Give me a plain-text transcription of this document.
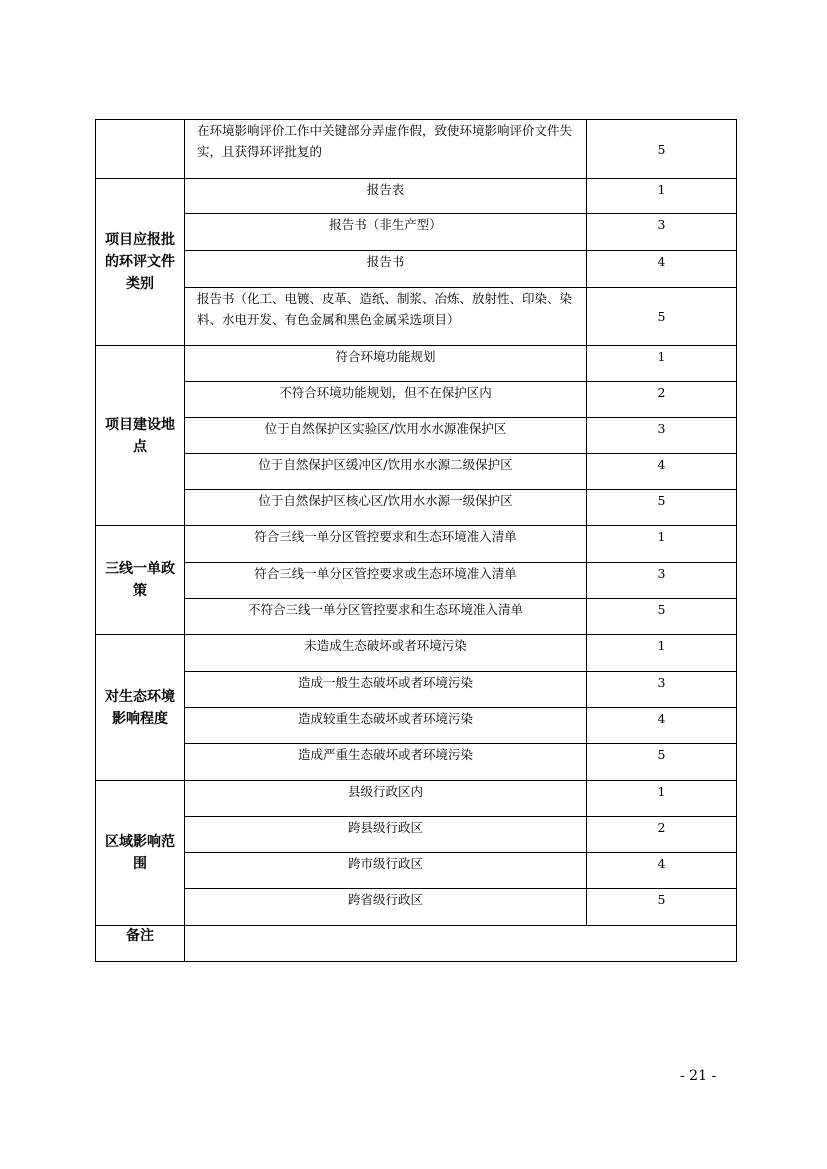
	在环境影响评价工作中关键部分弄虚作假，致使环境影响评价文件失实，且获得环评批复的	5
项目应报批的环评文件类别	报告表	1
	报告书（非生产型）	3
	报告书	4
	报告书（化工、电镀、皮革、造纸、制浆、冶炼、放射性、印染、染料、水电开发、有色金属和黑色金属采选项目）	5
项目建设地点	符合环境功能规划	1
	不符合环境功能规划，但不在保护区内	2
	位于自然保护区实验区/饮用水水源准保护区	3
	位于自然保护区缓冲区/饮用水水源二级保护区	4
	位于自然保护区核心区/饮用水水源一级保护区	5
三线一单政策	符合三线一单分区管控要求和生态环境准入清单	1
	符合三线一单分区管控要求或生态环境准入清单	3
	不符合三线一单分区管控要求和生态环境准入清单	5
对生态环境影响程度	未造成生态破坏或者环境污染	1
	造成一般生态破坏或者环境污染	3
	造成较重生态破坏或者环境污染	4
	造成严重生态破坏或者环境污染	5
区域影响范围	县级行政区内	1
	跨县级行政区	2
	跨市级行政区	4
	跨省级行政区	5
备注		
- 21 -
